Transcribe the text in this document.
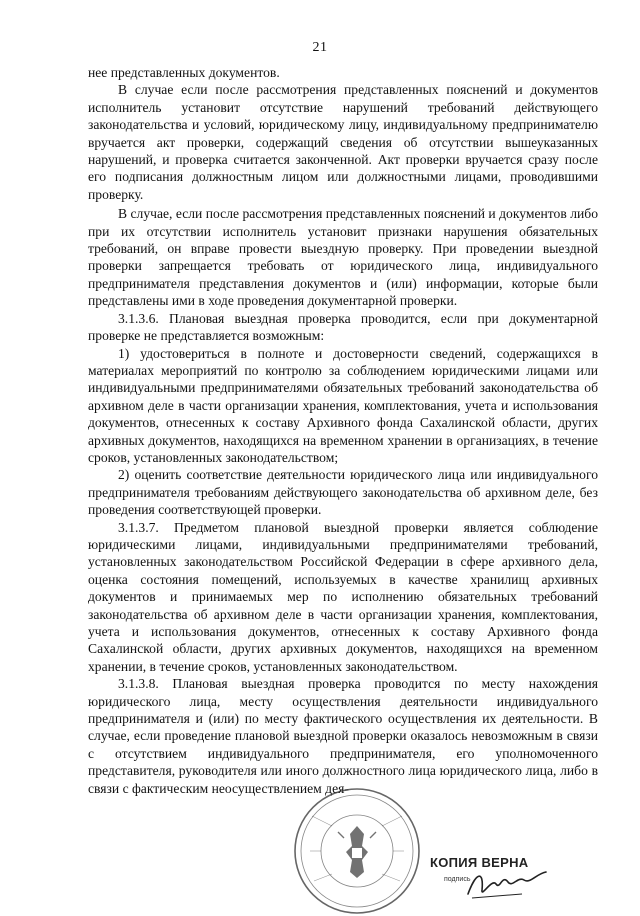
21

нее представленных документов.

В случае если после рассмотрения представленных пояснений и документов исполнитель установит отсутствие нарушений требований действующего законодательства и условий, юридическому лицу, индивидуальному предпринимателю вручается акт проверки, содержащий сведения об отсутствии вышеуказанных нарушений, и проверка считается законченной. Акт проверки вручается сразу после его подписания должностным лицом или должностными лицами, проводившими проверку.

В случае, если после рассмотрения представленных пояснений и документов либо при их отсутствии исполнитель установит признаки нарушения обязательных требований, он вправе провести выездную проверку. При проведении выездной проверки запрещается требовать от юридического лица, индивидуального предпринимателя представления документов и (или) информации, которые были представлены ими в ходе проведения документарной проверки.

3.1.3.6. Плановая выездная проверка проводится, если при документарной проверке не представляется возможным:

1) удостовериться в полноте и достоверности сведений, содержащихся в материалах мероприятий по контролю за соблюдением юридическими лицами или индивидуальными предпринимателями обязательных требований законодательства об архивном деле в части организации хранения, комплектования, учета и использования документов, отнесенных к составу Архивного фонда Сахалинской области, других архивных документов, находящихся на временном хранении в организациях, в течение сроков, установленных законодательством;

2) оценить соответствие деятельности юридического лица или индивидуального предпринимателя требованиям действующего законодательства об архивном деле, без проведения соответствующей проверки.

3.1.3.7. Предметом плановой выездной проверки является соблюдение юридическими лицами, индивидуальными предпринимателями требований, установленных законодательством Российской Федерации в сфере архивного дела, оценка состояния помещений, используемых в качестве хранилищ архивных документов и принимаемых мер по исполнению обязательных требований законодательства об архивном деле в части организации хранения, комплектования, учета и использования документов, отнесенных к составу Архивного фонда Сахалинской области, других архивных документов, находящихся на временном хранении, в течение сроков, установленных законодательством.

3.1.3.8. Плановая выездная проверка проводится по месту нахождения юридического лица, месту осуществления деятельности индивидуального предпринимателя и (или) по месту фактического осуществления их деятельности. В случае, если проведение плановой выездной проверки оказалось невозможным в связи с отсутствием индивидуального предпринимателя, его уполномоченного представителя, руководителя или иного должностного лица юридического лица, либо в связи с фактическим неосуществлением дея-

КОПИЯ ВЕРНА
подпись
